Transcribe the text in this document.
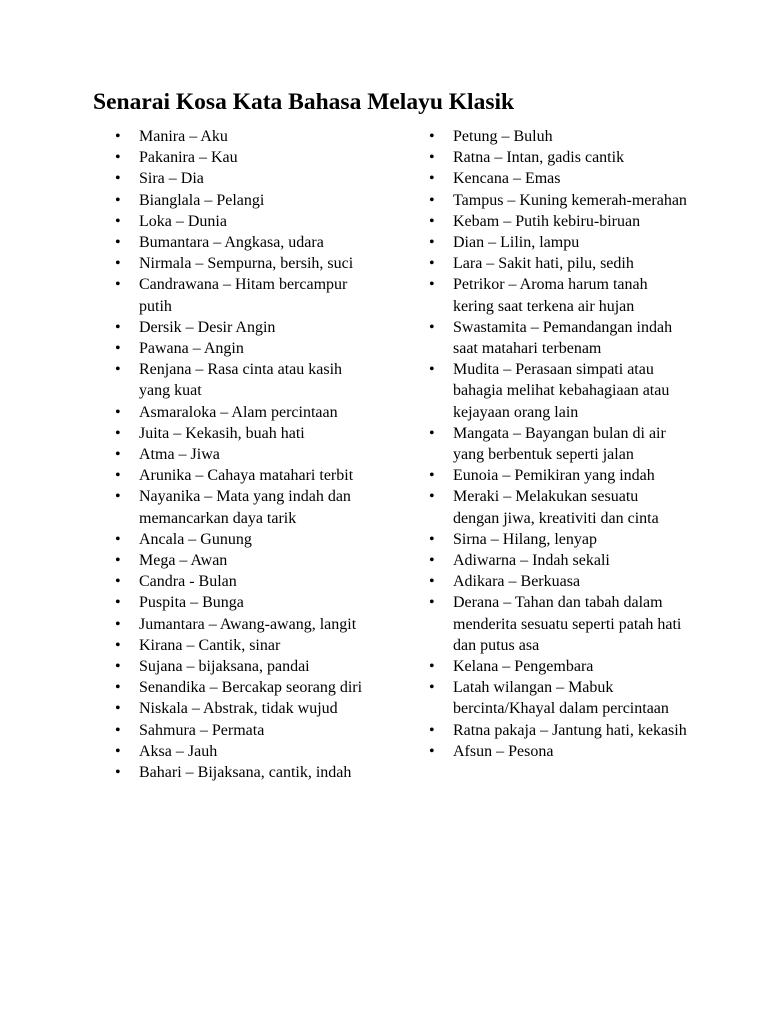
Senarai Kosa Kata Bahasa Melayu Klasik
• Manira – Aku
• Pakanira – Kau
• Sira – Dia
• Bianglala – Pelangi
• Loka – Dunia
• Bumantara – Angkasa, udara
• Nirmala – Sempurna, bersih, suci
• Candrawana – Hitam bercampur putih
• Dersik – Desir Angin
• Pawana – Angin
• Renjana – Rasa cinta atau kasih yang kuat
• Asmaraloka – Alam percintaan
• Juita – Kekasih, buah hati
• Atma – Jiwa
• Arunika – Cahaya matahari terbit
• Nayanika – Mata yang indah dan memancarkan daya tarik
• Ancala – Gunung
• Mega – Awan
• Candra - Bulan
• Puspita – Bunga
• Jumantara – Awang-awang, langit
• Kirana – Cantik, sinar
• Sujana – bijaksana, pandai
• Senandika – Bercakap seorang diri
• Niskala – Abstrak, tidak wujud
• Sahmura – Permata
• Aksa – Jauh
• Bahari – Bijaksana, cantik, indah
• Petung – Buluh
• Ratna – Intan, gadis cantik
• Kencana – Emas
• Tampus – Kuning kemerah-merahan
• Kebam – Putih kebiru-biruan
• Dian – Lilin, lampu
• Lara – Sakit hati, pilu, sedih
• Petrikor – Aroma harum tanah kering saat terkena air hujan
• Swastamita – Pemandangan indah saat matahari terbenam
• Mudita – Perasaan simpati atau bahagia melihat kebahagiaan atau kejayaan orang lain
• Mangata – Bayangan bulan di air yang berbentuk seperti jalan
• Eunoia – Pemikiran yang indah
• Meraki – Melakukan sesuatu dengan jiwa, kreativiti dan cinta
• Sirna – Hilang, lenyap
• Adiwarna – Indah sekali
• Adikara – Berkuasa
• Derana – Tahan dan tabah dalam menderita sesuatu seperti patah hati dan putus asa
• Kelana – Pengembara
• Latah wilangan – Mabuk bercinta/Khayal dalam percintaan
• Ratna pakaja – Jantung hati, kekasih
• Afsun – Pesona
